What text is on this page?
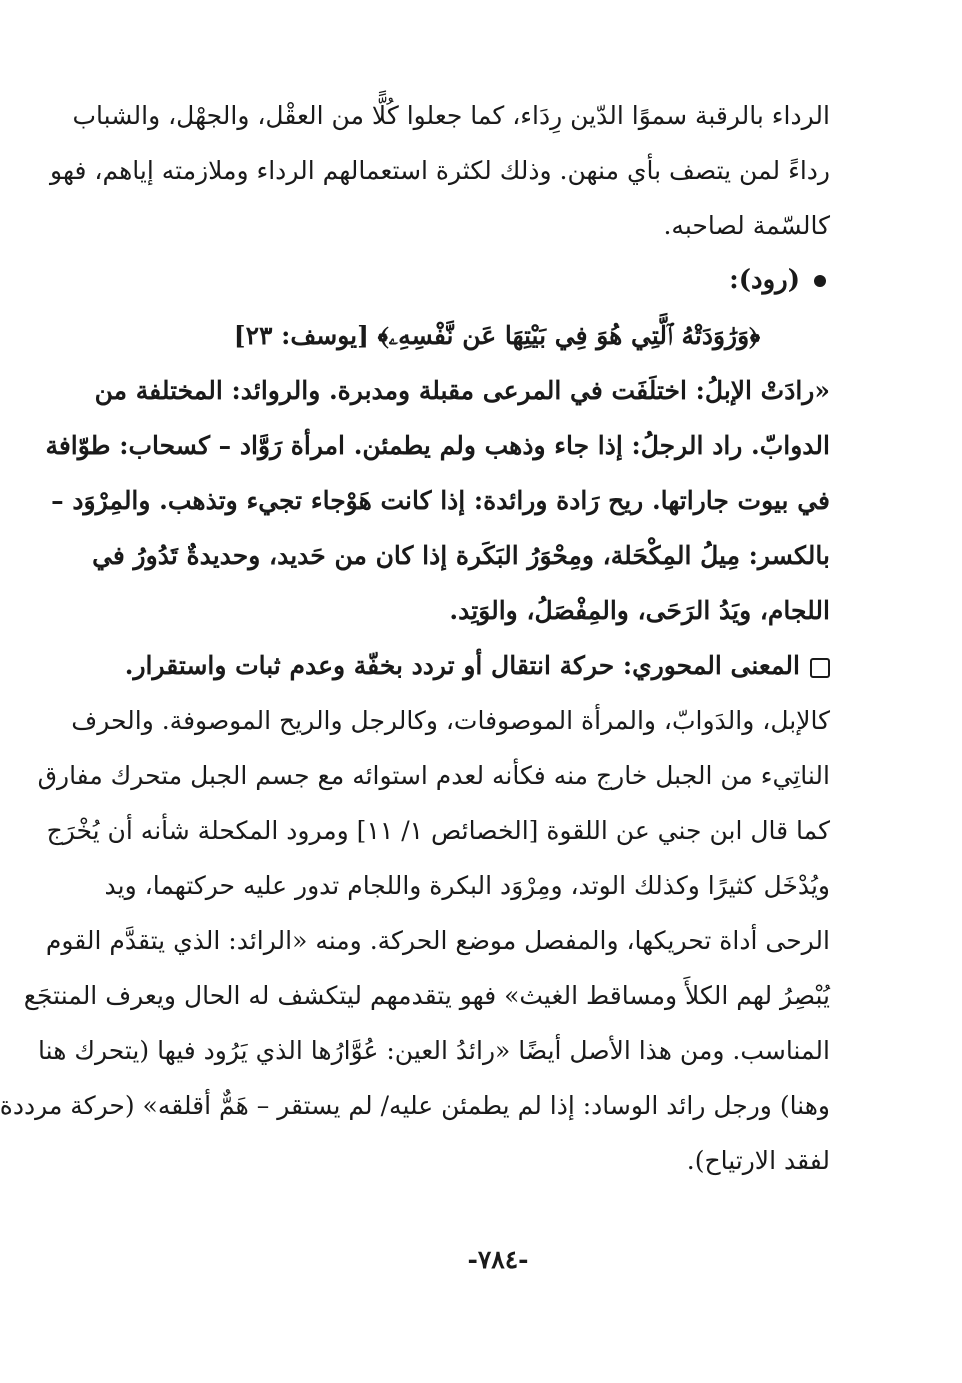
الرداء بالرقبة سموًا الدّين رِدَاء، كما جعلوا كُلًّا من العقْل، والجهْل، والشباب
رداءً لمن يتصف بأي منهن. وذلك لكثرة استعمالهم الرداء وملازمته إياهم، فهو
كالسّمة لصاحبه.
(رود):
﴿وَرَٰوَدَتْهُ ٱلَّتِي هُوَ فِي بَيْتِهَا عَن نَّفْسِهِۦ﴾ [يوسف: ٢٣]
«رادَتْ الإبلُ: اختلَفَت في المرعى مقبلة ومدبرة. والروائد: المختلفة من
الدوابّ. راد الرجلُ: إذا جاء وذهب ولم يطمئن. امرأة رَوَّاد – كسحاب: طوّافة
في بيوت جاراتها. ريح رَادة ورائدة: إذا كانت هَوْجاء تجيء وتذهب. والمِرْوَد –
بالكسر: مِيلُ المِكْحَلة، ومِحْوَرُ البَكَرة إذا كان من حَديد، وحديدةٌ تَدُورُ في
اللجام، ويَدُ الرَحَى، والمِفْصَلُ، والوَتِد.
المعنى المحوري: حركة انتقال أو تردد بخفّة وعدم ثبات واستقرار.
كالإبل، والدَوابّ، والمرأة الموصوفات، وكالرجل والريح الموصوفة. والحرف
الناتِيء من الجبل خارج منه فكأنه لعدم استوائه مع جسم الجبل متحرك مفارق
كما قال ابن جني عن اللقوة [الخصائص ١/ ١١] ومرود المكحلة شأنه أن يُخْرَج
ويُدْخَل كثيرًا وكذلك الوتد، ومِرْوَد البكرة واللجام تدور عليه حركتهما، ويد
الرحى أداة تحريكها، والمفصل موضع الحركة. ومنه «الرائد: الذي يتقدَّم القوم
يُبْصِرُ لهم الكلأَ ومساقط الغيث» فهو يتقدمهم ليتكشف له الحال ويعرف المنتجَع
المناسب. ومن هذا الأصل أيضًا «رائدُ العين: عُوَّارُها الذي يَرُود فيها (يتحرك هنا
وهنا) ورجل رائد الوساد: إذا لم يطمئن عليه/ لم يستقر – هَمٌّ أقلقه» (حركة مرددة
لفقد الارتياح).
-٧٨٤-
